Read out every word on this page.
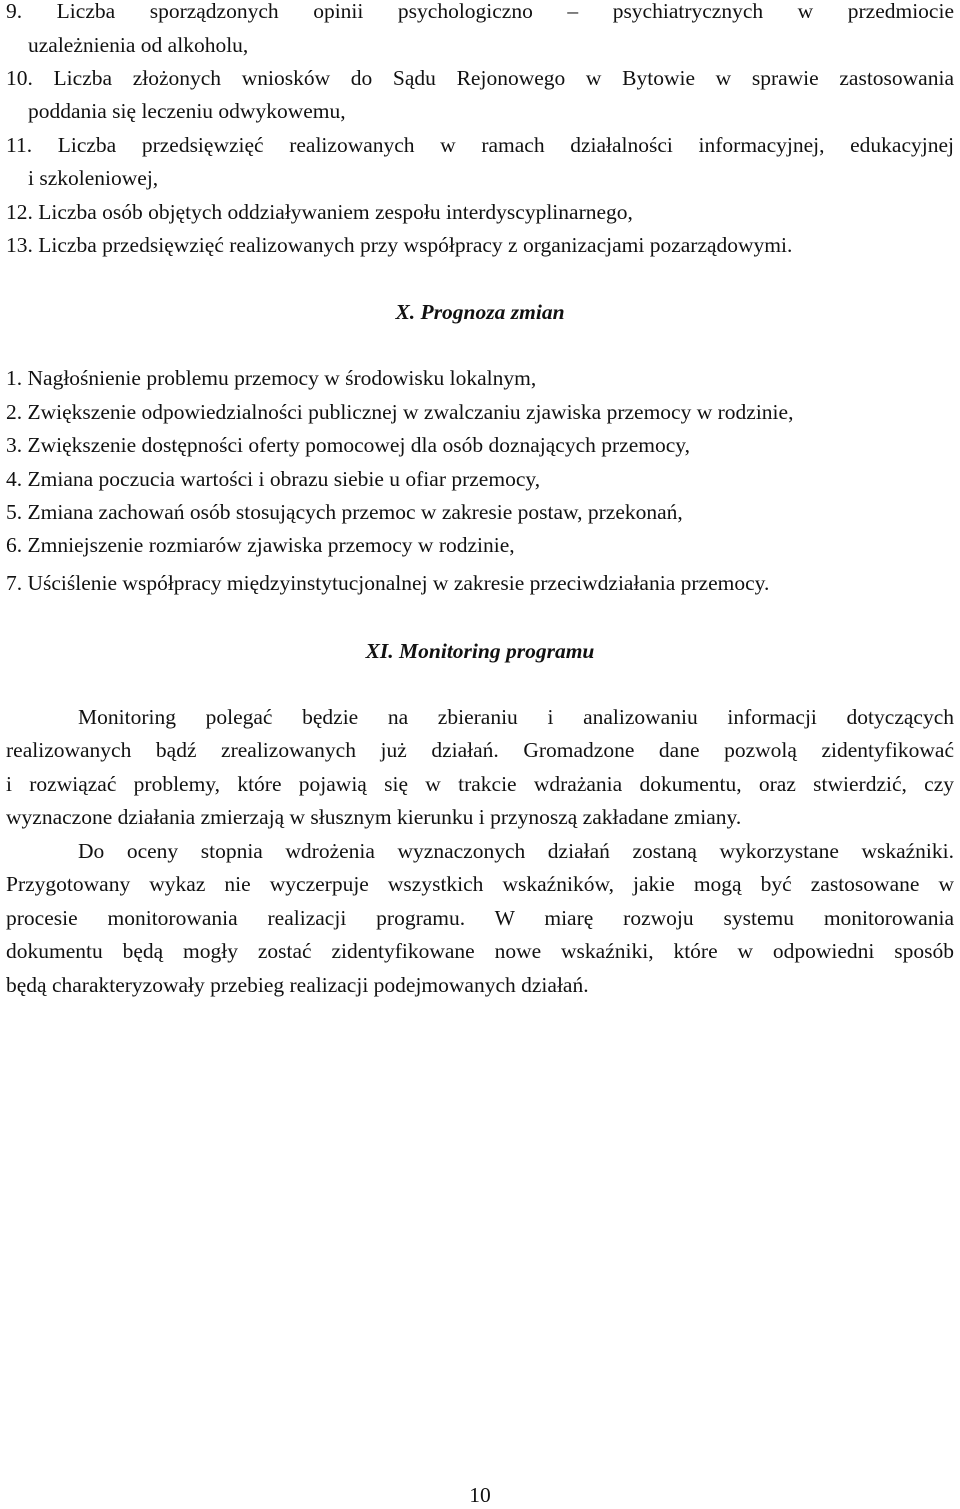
9. Liczba sporządzonych opinii psychologiczno – psychiatrycznych w przedmiocie
uzależnienia od alkoholu,
10. Liczba złożonych wniosków do Sądu Rejonowego w Bytowie w sprawie zastosowania
poddania się leczeniu odwykowemu,
11. Liczba przedsięwzięć realizowanych w ramach działalności informacyjnej, edukacyjnej
i szkoleniowej,
12. Liczba osób objętych oddziaływaniem zespołu interdyscyplinarnego,
13. Liczba przedsięwzięć realizowanych przy współpracy z organizacjami pozarządowymi.
X. Prognoza zmian
1. Nagłośnienie problemu przemocy w środowisku lokalnym,
2. Zwiększenie odpowiedzialności publicznej w zwalczaniu zjawiska przemocy w rodzinie,
3. Zwiększenie dostępności oferty pomocowej dla osób doznających przemocy,
4. Zmiana poczucia wartości i obrazu siebie u ofiar przemocy,
5. Zmiana zachowań osób stosujących przemoc w zakresie postaw, przekonań,
6. Zmniejszenie rozmiarów zjawiska przemocy w rodzinie,
7. Uściślenie współpracy międzyinstytucjonalnej w zakresie przeciwdziałania przemocy.
XI. Monitoring programu
Monitoring polegać będzie na zbieraniu i analizowaniu informacji dotyczących
realizowanych bądź zrealizowanych już działań. Gromadzone dane pozwolą zidentyfikować
i rozwiązać problemy, które pojawią się w trakcie wdrażania dokumentu, oraz stwierdzić, czy
wyznaczone działania zmierzają w słusznym kierunku i przynoszą zakładane zmiany.
Do oceny stopnia wdrożenia wyznaczonych działań zostaną wykorzystane wskaźniki.
Przygotowany wykaz nie wyczerpuje wszystkich wskaźników, jakie mogą być zastosowane w
procesie monitorowania realizacji programu. W miarę rozwoju systemu monitorowania
dokumentu będą mogły zostać zidentyfikowane nowe wskaźniki, które w odpowiedni sposób
będą charakteryzowały przebieg realizacji podejmowanych działań.
10
